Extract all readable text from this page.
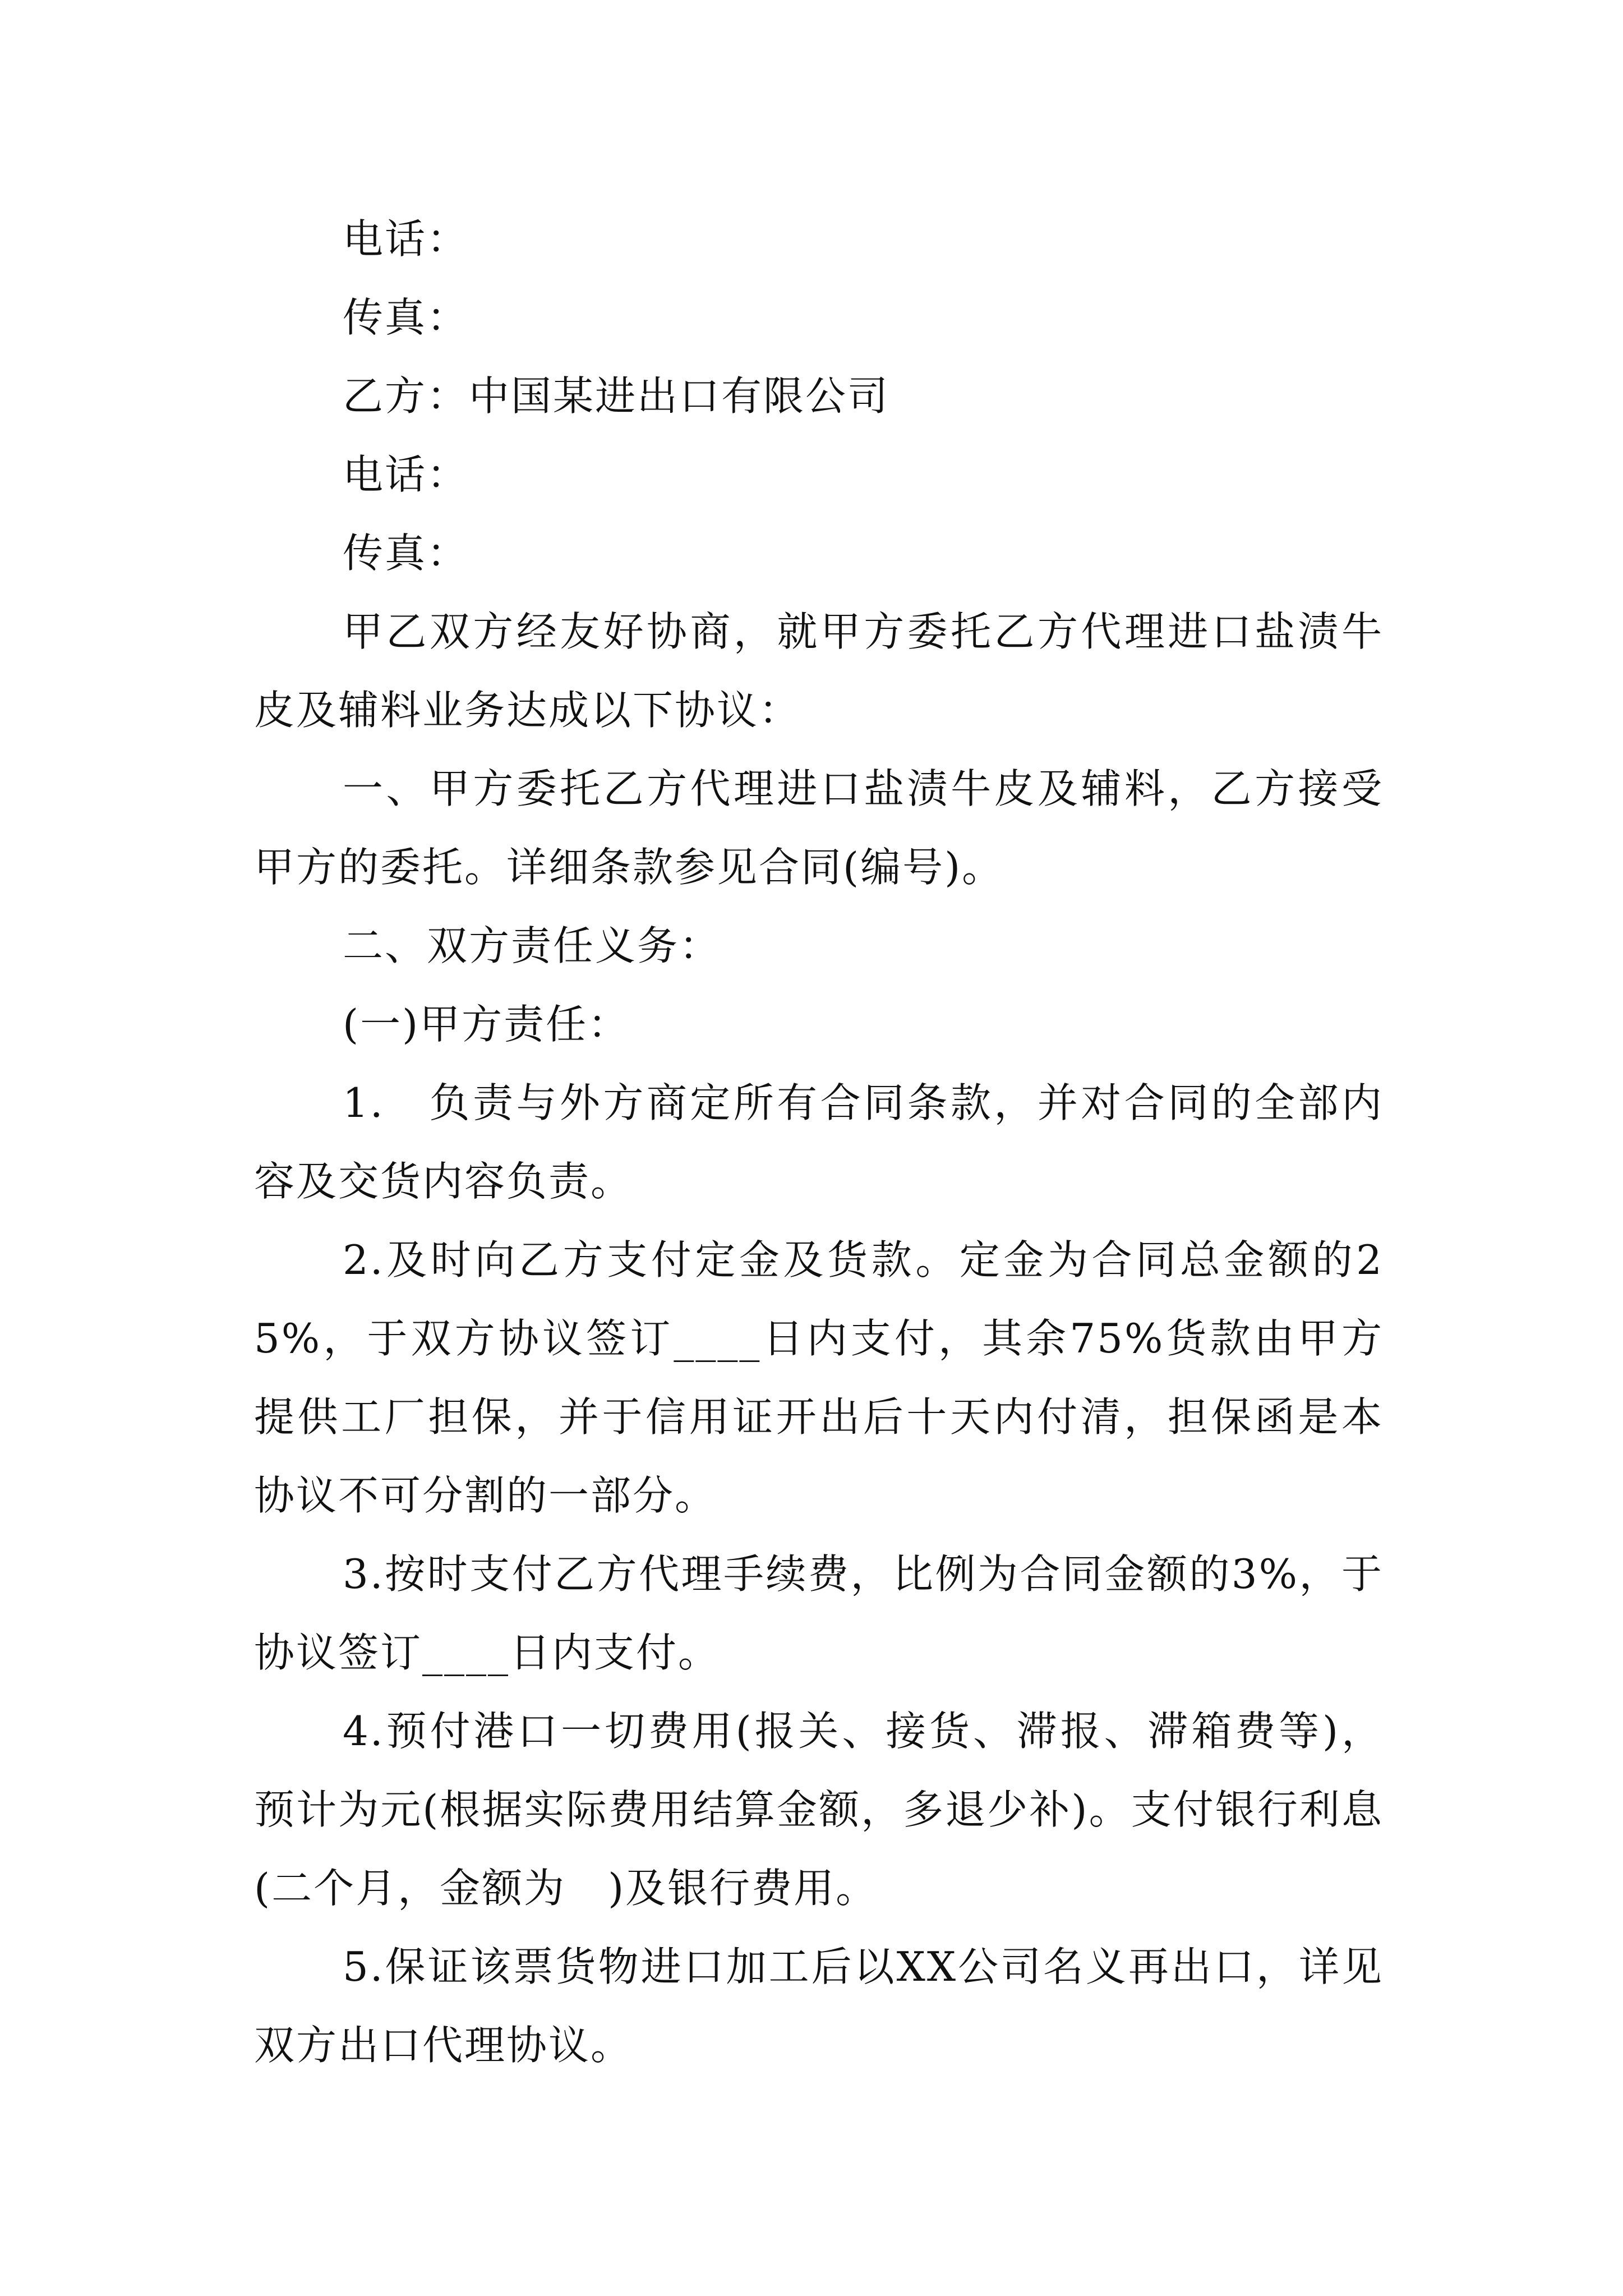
电话：

传真：

乙方：中国某进出口有限公司

电话：

传真：

甲乙双方经友好协商，就甲方委托乙方代理进口盐渍牛皮及辅料业务达成以下协议：

一、甲方委托乙方代理进口盐渍牛皮及辅料，乙方接受甲方的委托。详细条款参见合同(编号)。

二、双方责任义务：

(一)甲方责任：

1.　负责与外方商定所有合同条款，并对合同的全部内容及交货内容负责。

2.及时向乙方支付定金及货款。定金为合同总金额的25%，于双方协议签订____日内支付，其余75%货款由甲方提供工厂担保，并于信用证开出后十天内付清，担保函是本协议不可分割的一部分。

3.按时支付乙方代理手续费，比例为合同金额的3%，于协议签订____日内支付。

4.预付港口一切费用(报关、接货、滞报、滞箱费等)，预计为元(根据实际费用结算金额，多退少补)。支付银行利息(二个月，金额为　)及银行费用。

5.保证该票货物进口加工后以XX公司名义再出口，详见双方出口代理协议。
